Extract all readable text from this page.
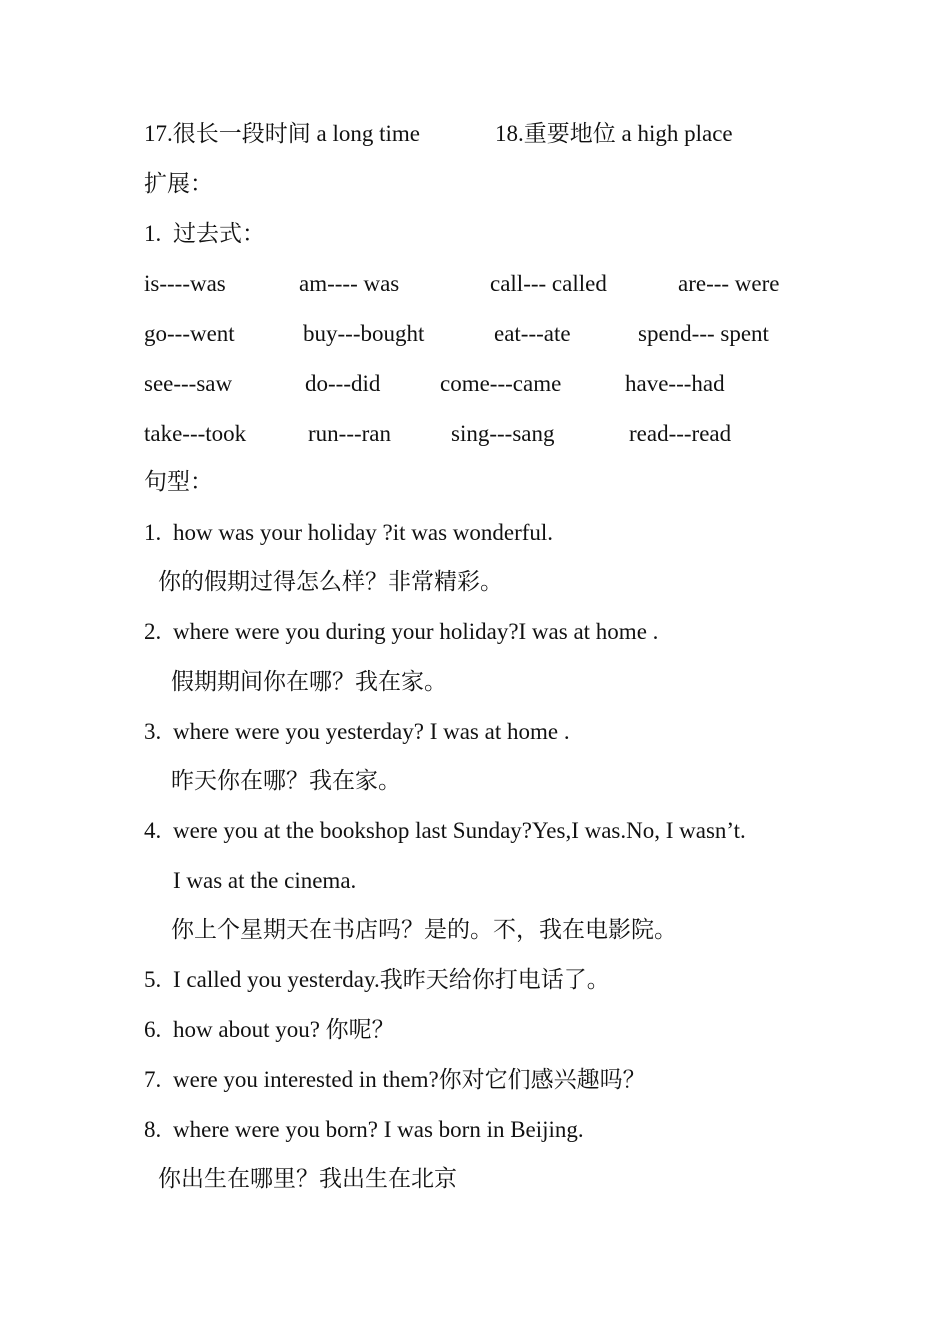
17.很长一段时间 a long time	18.重要地位 a high place
扩展：
1. 过去式：
is----was	am---- was	call--- called	are--- were
go---went	buy---bought	eat---ate	spend--- spent
see---saw	do---did	come---came	have---had
take---took	run---ran	sing---sang	read---read
句型：
1. how was your holiday ?it was wonderful.
你的假期过得怎么样？非常精彩。
2. where were you during your holiday?I was at home .
假期期间你在哪？我在家。
3. where were you yesterday? I was at home .
昨天你在哪？我在家。
4. were you at the bookshop last Sunday?Yes,I was.No, I wasn’t.
I was at the cinema.
你上个星期天在书店吗？是的。不，我在电影院。
5. I called you yesterday.我昨天给你打电话了。
6. how about you? 你呢？
7. were you interested in them?你对它们感兴趣吗？
8. where were you born? I was born in Beijing.
你出生在哪里？我出生在北京
